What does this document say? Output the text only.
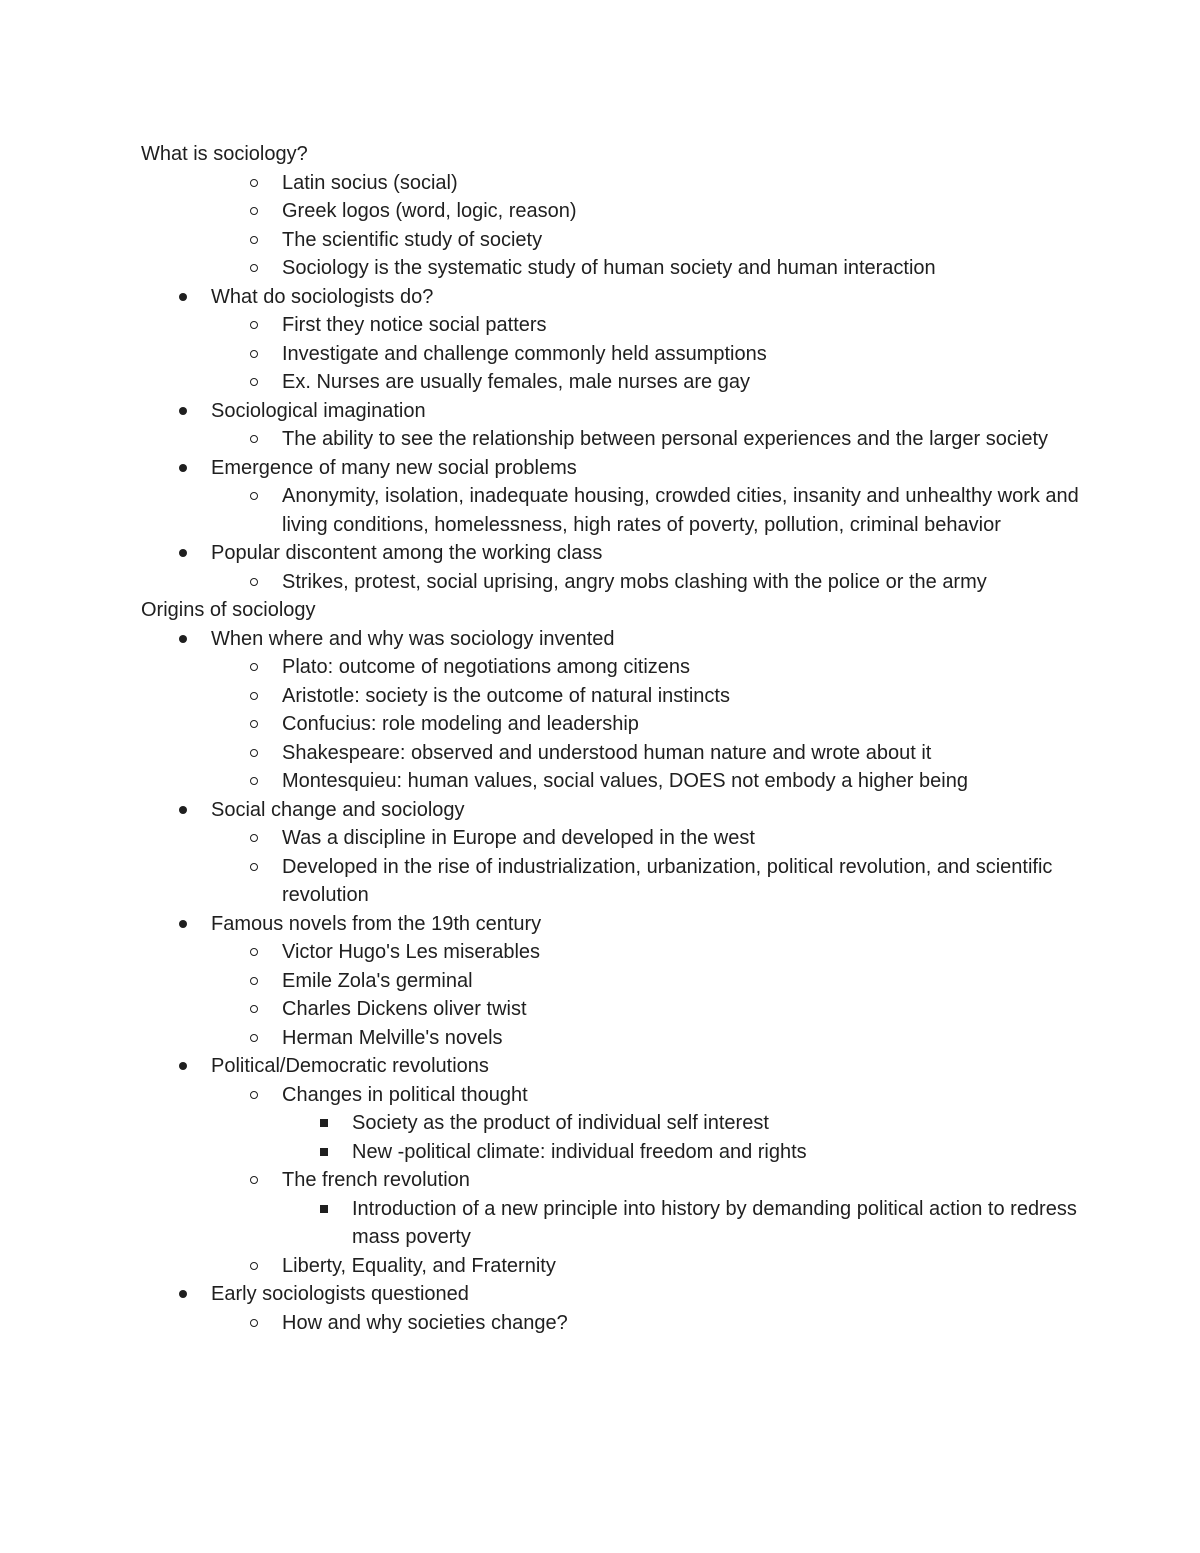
What is sociology?
Latin socius (social)
Greek logos (word, logic, reason)
The scientific study of society
Sociology is the systematic study of human society and human interaction
What do sociologists do?
First they notice social patters
Investigate and challenge commonly held assumptions
Ex. Nurses are usually females, male nurses are gay
Sociological imagination
The ability to see the relationship between personal experiences and the larger society
Emergence of many new social problems
Anonymity, isolation, inadequate housing, crowded cities, insanity and unhealthy work and living conditions, homelessness, high rates of poverty, pollution, criminal behavior
Popular discontent among the working class
Strikes, protest, social uprising, angry mobs clashing with the police or the army
Origins of sociology
When where and why was sociology invented
Plato: outcome of negotiations among citizens
Aristotle: society is the outcome of natural instincts
Confucius: role modeling and leadership
Shakespeare: observed and understood human nature and wrote about it
Montesquieu: human values, social values, DOES not embody a higher being
Social change and sociology
Was a discipline in Europe and developed in the west
Developed in the rise of industrialization, urbanization, political revolution, and scientific revolution
Famous novels from the 19th century
Victor Hugo's Les miserables
Emile Zola's germinal
Charles Dickens oliver twist
Herman Melville's novels
Political/Democratic revolutions
Changes in political thought
Society as the product of individual self interest
New -political climate: individual freedom and rights
The french revolution
Introduction of a new principle into history by demanding political action to redress mass poverty
Liberty, Equality, and Fraternity
Early sociologists questioned
How and why societies change?
